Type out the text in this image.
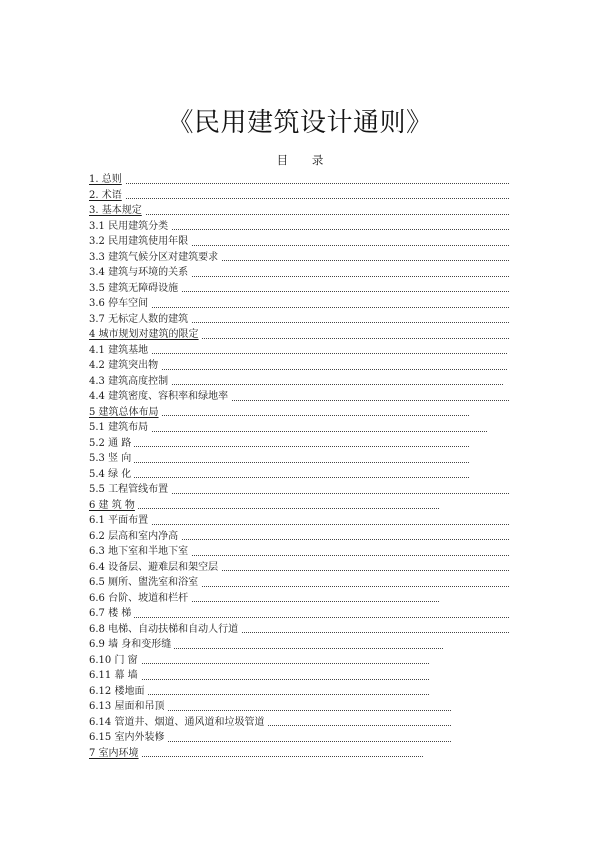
《民用建筑设计通则》
目 录
1. 总则
2. 术语
3. 基本规定
3.1 民用建筑分类
3.2 民用建筑使用年限
3.3 建筑气候分区对建筑要求
3.4 建筑与环境的关系
3.5 建筑无障碍设施
3.6 停车空间
3.7 无标定人数的建筑
4 城市规划对建筑的限定
4.1 建筑基地
4.2 建筑突出物
4.3 建筑高度控制
4.4 建筑密度、容积率和绿地率
5 建筑总体布局
5.1 建筑布局
5.2 通 路
5.3 竖 向
5.4 绿 化
5.5 工程管线布置
6 建 筑 物
6.1 平面布置
6.2 层高和室内净高
6.3 地下室和半地下室
6.4 设备层、避难层和架空层
6.5 厕所、盥洗室和浴室
6.6 台阶、坡道和栏杆
6.7 楼 梯
6.8 电梯、自动扶梯和自动人行道
6.9 墙 身和变形缝
6.10 门 窗
6.11 幕 墙
6.12 楼地面
6.13 屋面和吊顶
6.14 管道井、烟道、通风道和垃圾管道
6.15 室内外装修
7 室内环境
